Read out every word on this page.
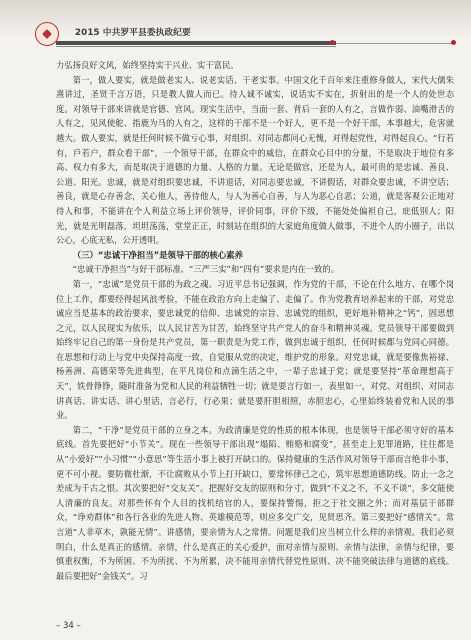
2015 中共罗平县委执政纪要

力弘扬良好文风，始终坚持实干兴业、实干富民。

第一，做人要实，就是做老实人、说老实话、干老实事。中国文化千百年来注重修身做人，宋代大儒朱熹讲过，圣贤千言万语，只是教人做人而已。待人诚不诚实，说话实不实在，折射出的是一个人的处世态度。对领导干部来讲就是官德、官风。现实生活中，当面一套、背后一套的人有之，言做作弱、油嘴滑舌的人有之，见风使舵、指鹿为马的人有之，这样的干部不是一个好人，更不是一个好干部，本事越大，危害就越大。做人要实，就是任何时候不做亏心事，对组织、对同志都问心无愧，对得起党性，对得起良心。“行若有，戶若户，群众看干部”，一个领导干部，在群众中的威信，在群众心目中的分量，不是取决于地位有多高、权力有多大，而是取决于道德的力量、人格的力量。无论是做官，还是为人，最可贵的是忠诚、善良、公道、阳光。忠诚，就是对组织要忠诚，不讲退话，对同志要忠诚，不讲假话，对群众要忠诚，不讲空话；善良，就是心存善念，关心他人，善待他人，与人为善心自善，与人为恶心自恶；公道，就是客观公正地对待人和事，不能讲在个人利益立场上评价领导，评价同事，评价下级，不能处处偏袒自己，庇低别人；阳光，就是光明磊落，坦坦荡荡，堂堂正正，时刻站在组织的大家庭角度做人做事，不进个人的小圈子，出以公心，心底无私，公开透明。

（三）“忠诚干净担当”是领导干部的核心素养

“忠诚干净担当”与好干部标准、“三严三实”和“四有”要求是内在一致的。

第一，“忠诚”是党员干部的为政之魂。习近平总书记强调，作为党的干部，不论在什么地方、在哪个岗位上工作，都要经得起风浪考验，不能在政治方向上走偏了、走偏了。作为党教育培养起来的干部，对党忠诚应当是基本的政治要求，要忠诚党的信仰、忠诚党的宗旨、忠诚党的组织，更好地补精神之“钙”，固思想之元，以人民现实为依乐，以人民甘苦为甘苦，始终坚守共产党人的奋斗和精神灵魂。党员领导干部要做到始终牢记自己的第一身份是共产党员，第一职责是为党工作，做到忠诚于组织，任何时候都与党同心同德。在思想和行动上与党中央保持高度一致，自觉服从党的决定，维护党的形象。对党忠诚，就是要像焦裕禄、杨善洲、高德荣等先进典型，在平凡岗位和点滴生活之中，一辈子忠诚于党；就是要坚持“革命理想高于天”，铁骨铮铮，随时准备为党和人民的利益牺牲一切；就是要言行如一，表里如一，对党、对组织、对同志讲真话、讲实话、讲心里话，言必行，行必果；就是要肝胆相照，赤胆忠心，心里始终装着党和人民的事业。

第二，“干净”是党员干部的立身之本。为政清廉是党的性质的根本体现，也是领导干部必须守好的基本底线。首先要把好“小节关”。现在一些领导干部出现“塌陷、贿赂和腐变”，甚至走上犯罪道路，往往都是从“小爱好”“小习惯”“小意思”等生活小事上被打开缺口的。保持健康的生活作风对领导干部而言绝非小事，更不可小视。要防微杜渐，不让腐败从小节上打开缺口，要常怀律己之心，筑牢思想道德防线。防止一念之差成为千古之恨。其次要把好“交友关”。把握好交友的原则和分寸，做到“不义之不，不义不谈”，多交能使人清廉的良友。对那些怀有个人目的找机结官的人，要保持警惕，拒之于社交圈之外；而对基层干部群众，“诤劝群体”和各行各业的先进人物、英雄模范等，则应多交广交，见贤思齐。第三要把好“感情关”。常言道“人非草木，孰能无情”。讲感情，要亲情为人之常情。问题是我们应当树立什么样的亲情观。我们必须明白，什么是真正的感情。亲情，什么是真正的关心爱护，面对亲情与原则、亲情与法律，亲情与纪律，要慎重权衡，不为所困、不为所扰、不为所累，决不能用亲情代替党性原则、决不能突破法律与道德的底线。最后要把好“金钱关”。习

– 34 –
